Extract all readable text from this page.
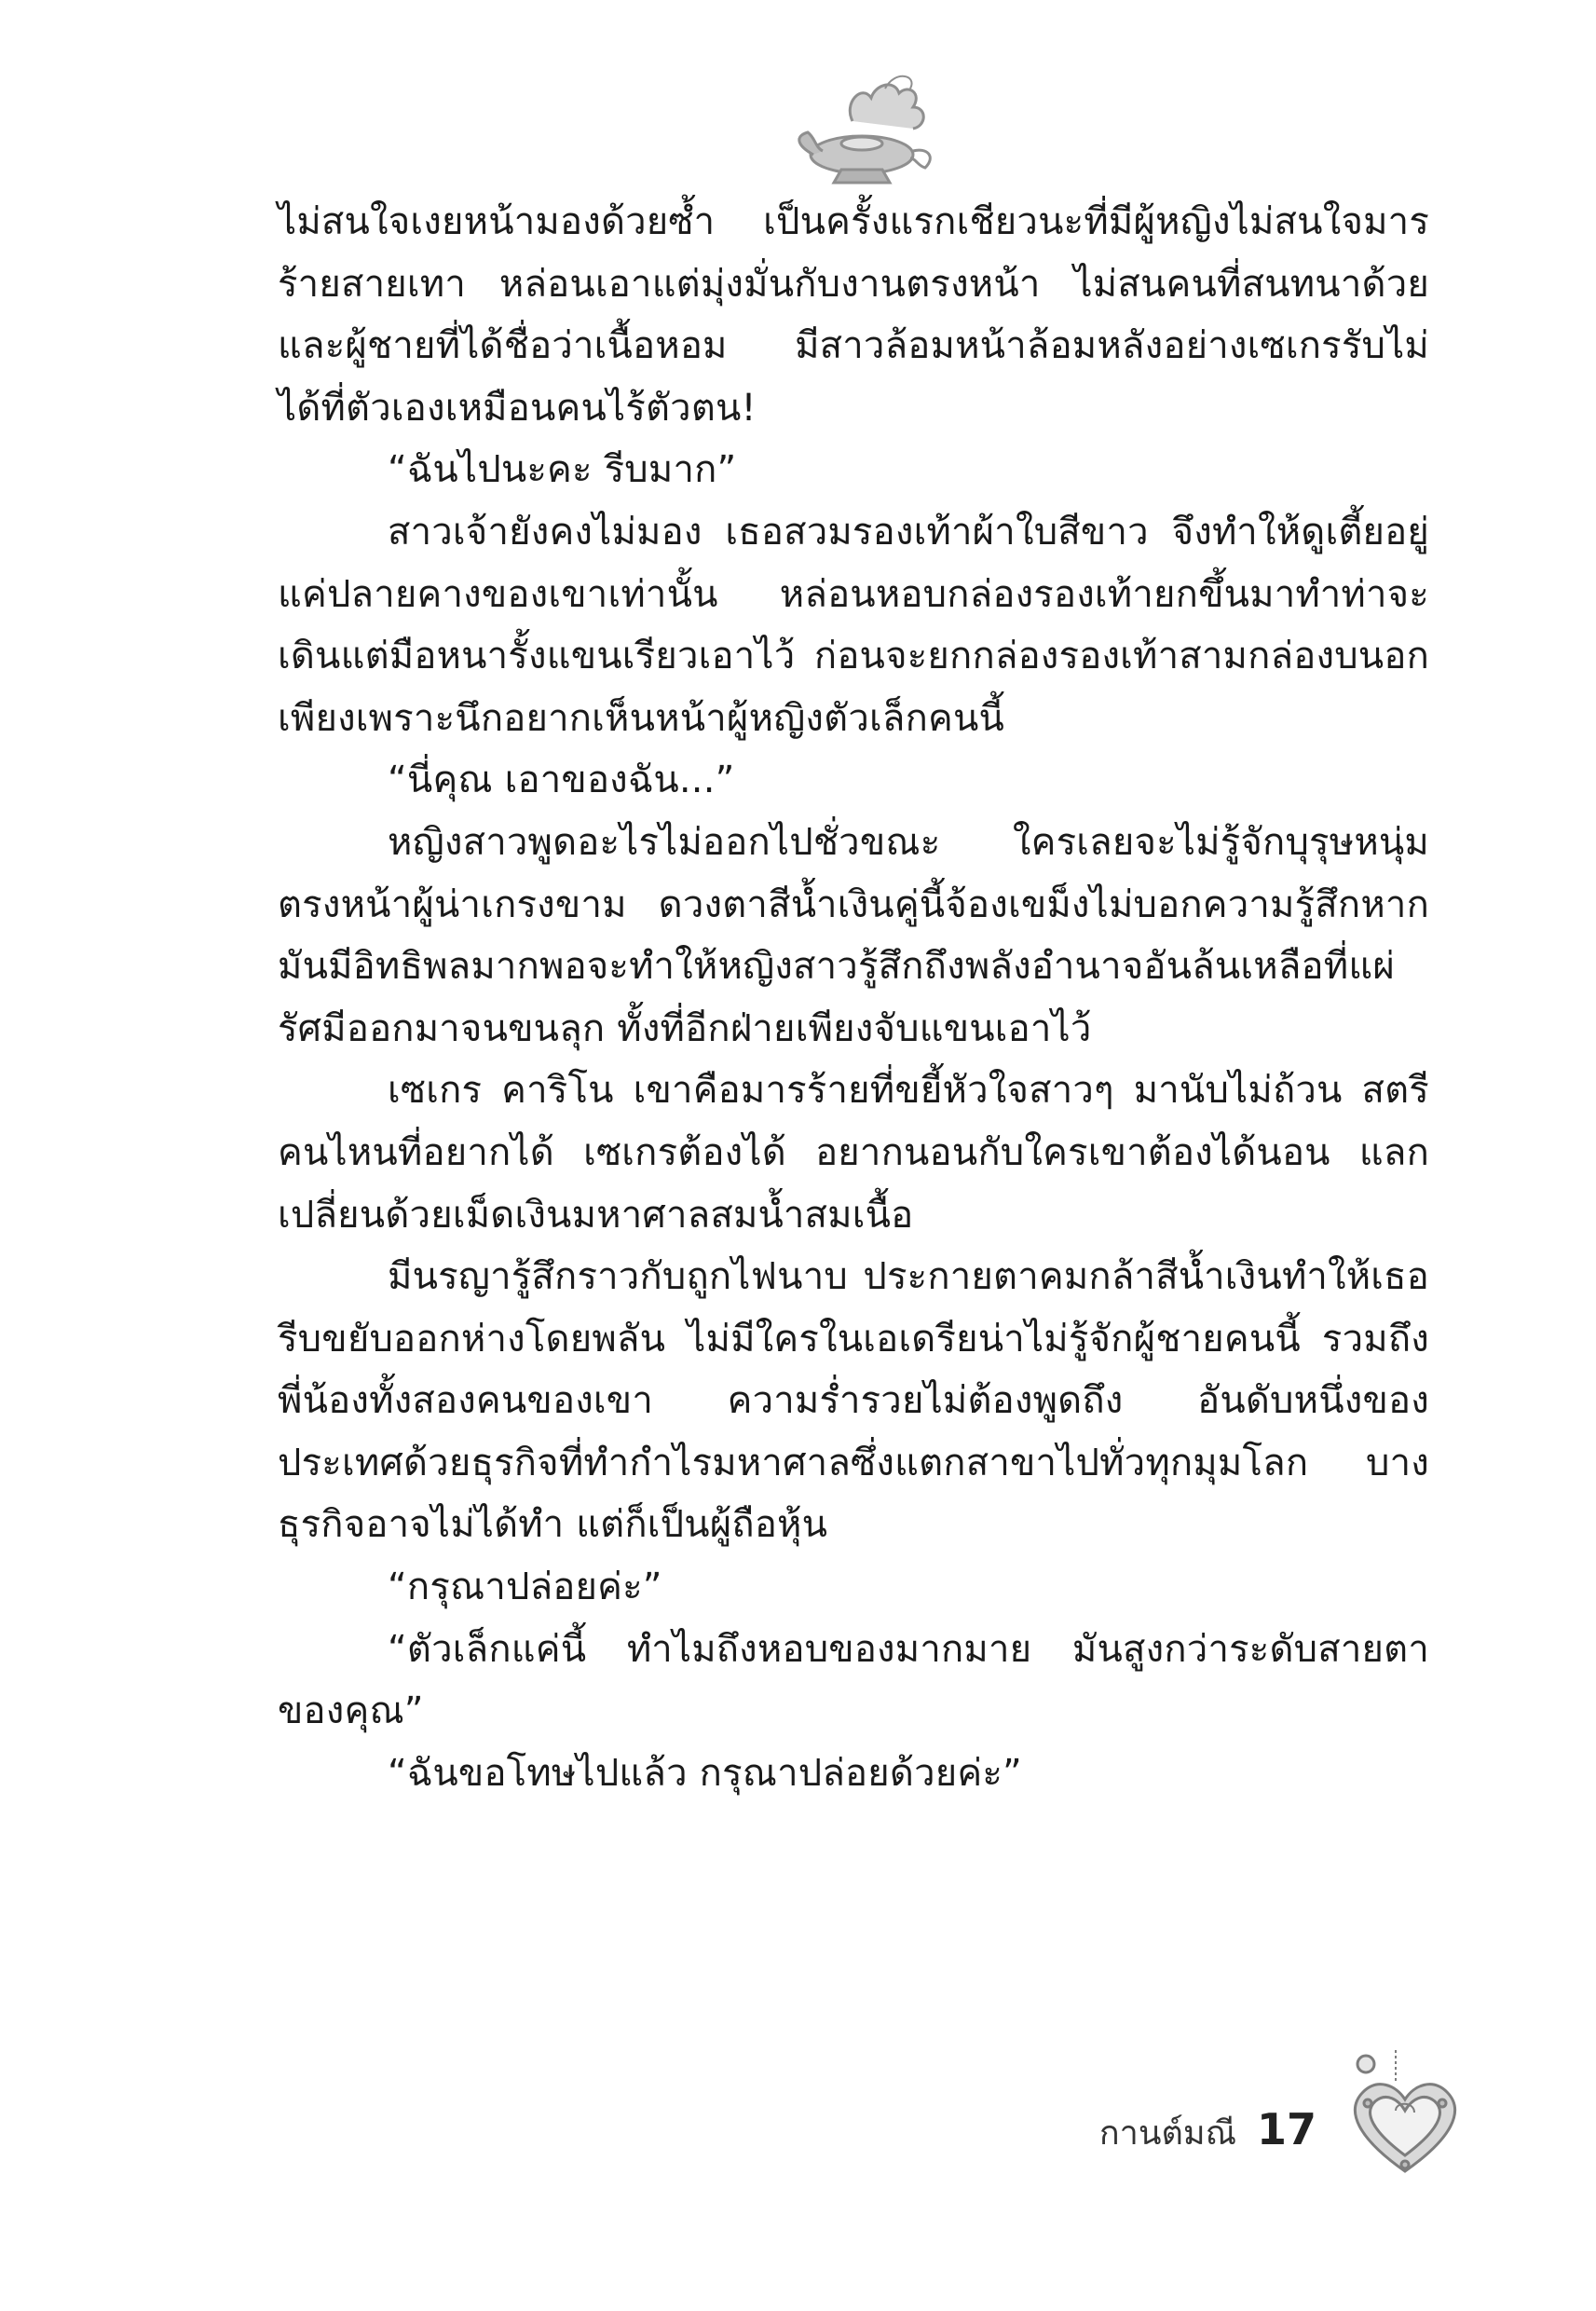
ไม่สนใจเงยหน้ามองด้วยซ้ำ เป็นครั้งแรกเชียวนะที่มีผู้หญิงไม่สนใจมารร้ายสายเทา หล่อนเอาแต่มุ่งมั่นกับงานตรงหน้า ไม่สนคนที่สนทนาด้วย และผู้ชายที่ได้ชื่อว่าเนื้อหอม มีสาวล้อมหน้าล้อมหลังอย่างเซเกรรับไม่ได้ที่ตัวเองเหมือนคนไร้ตัวตน!

“ฉันไปนะคะ รีบมาก”

สาวเจ้ายังคงไม่มอง เธอสวมรองเท้าผ้าใบสีขาว จึงทำให้ดูเตี้ยอยู่แค่ปลายคางของเขาเท่านั้น หล่อนหอบกล่องรองเท้ายกขึ้นมาทำท่าจะเดินแต่มือหนารั้งแขนเรียวเอาไว้ ก่อนจะยกกล่องรองเท้าสามกล่องบนอกเพียงเพราะนึกอยากเห็นหน้าผู้หญิงตัวเล็กคนนี้

“นี่คุณ เอาของฉัน...”

หญิงสาวพูดอะไรไม่ออกไปชั่วขณะ ใครเลยจะไม่รู้จักบุรุษหนุ่มตรงหน้าผู้น่าเกรงขาม ดวงตาสีน้ำเงินคู่นี้จ้องเขม็งไม่บอกความรู้สึกหากมันมีอิทธิพลมากพอจะทำให้หญิงสาวรู้สึกถึงพลังอำนาจอันล้นเหลือที่แผ่รัศมีออกมาจนขนลุก ทั้งที่อีกฝ่ายเพียงจับแขนเอาไว้

เซเกร คาริโน เขาคือมารร้ายที่ขยี้หัวใจสาวๆ มานับไม่ถ้วน สตรีคนไหนที่อยากได้ เซเกรต้องได้ อยากนอนกับใครเขาต้องได้นอน แลกเปลี่ยนด้วยเม็ดเงินมหาศาลสมน้ำสมเนื้อ

มีนรญารู้สึกราวกับถูกไฟนาบ ประกายตาคมกล้าสีน้ำเงินทำให้เธอรีบขยับออกห่างโดยพลัน ไม่มีใครในเอเดรียน่าไม่รู้จักผู้ชายคนนี้ รวมถึงพี่น้องทั้งสองคนของเขา ความร่ำรวยไม่ต้องพูดถึง อันดับหนึ่งของประเทศด้วยธุรกิจที่ทำกำไรมหาศาลซึ่งแตกสาขาไปทั่วทุกมุมโลก บางธุรกิจอาจไม่ได้ทำ แต่ก็เป็นผู้ถือหุ้น

“กรุณาปล่อยค่ะ”

“ตัวเล็กแค่นี้ ทำไมถึงหอบของมากมาย มันสูงกว่าระดับสายตาของคุณ”

“ฉันขอโทษไปแล้ว กรุณาปล่อยด้วยค่ะ”

กานต์มณี 17
